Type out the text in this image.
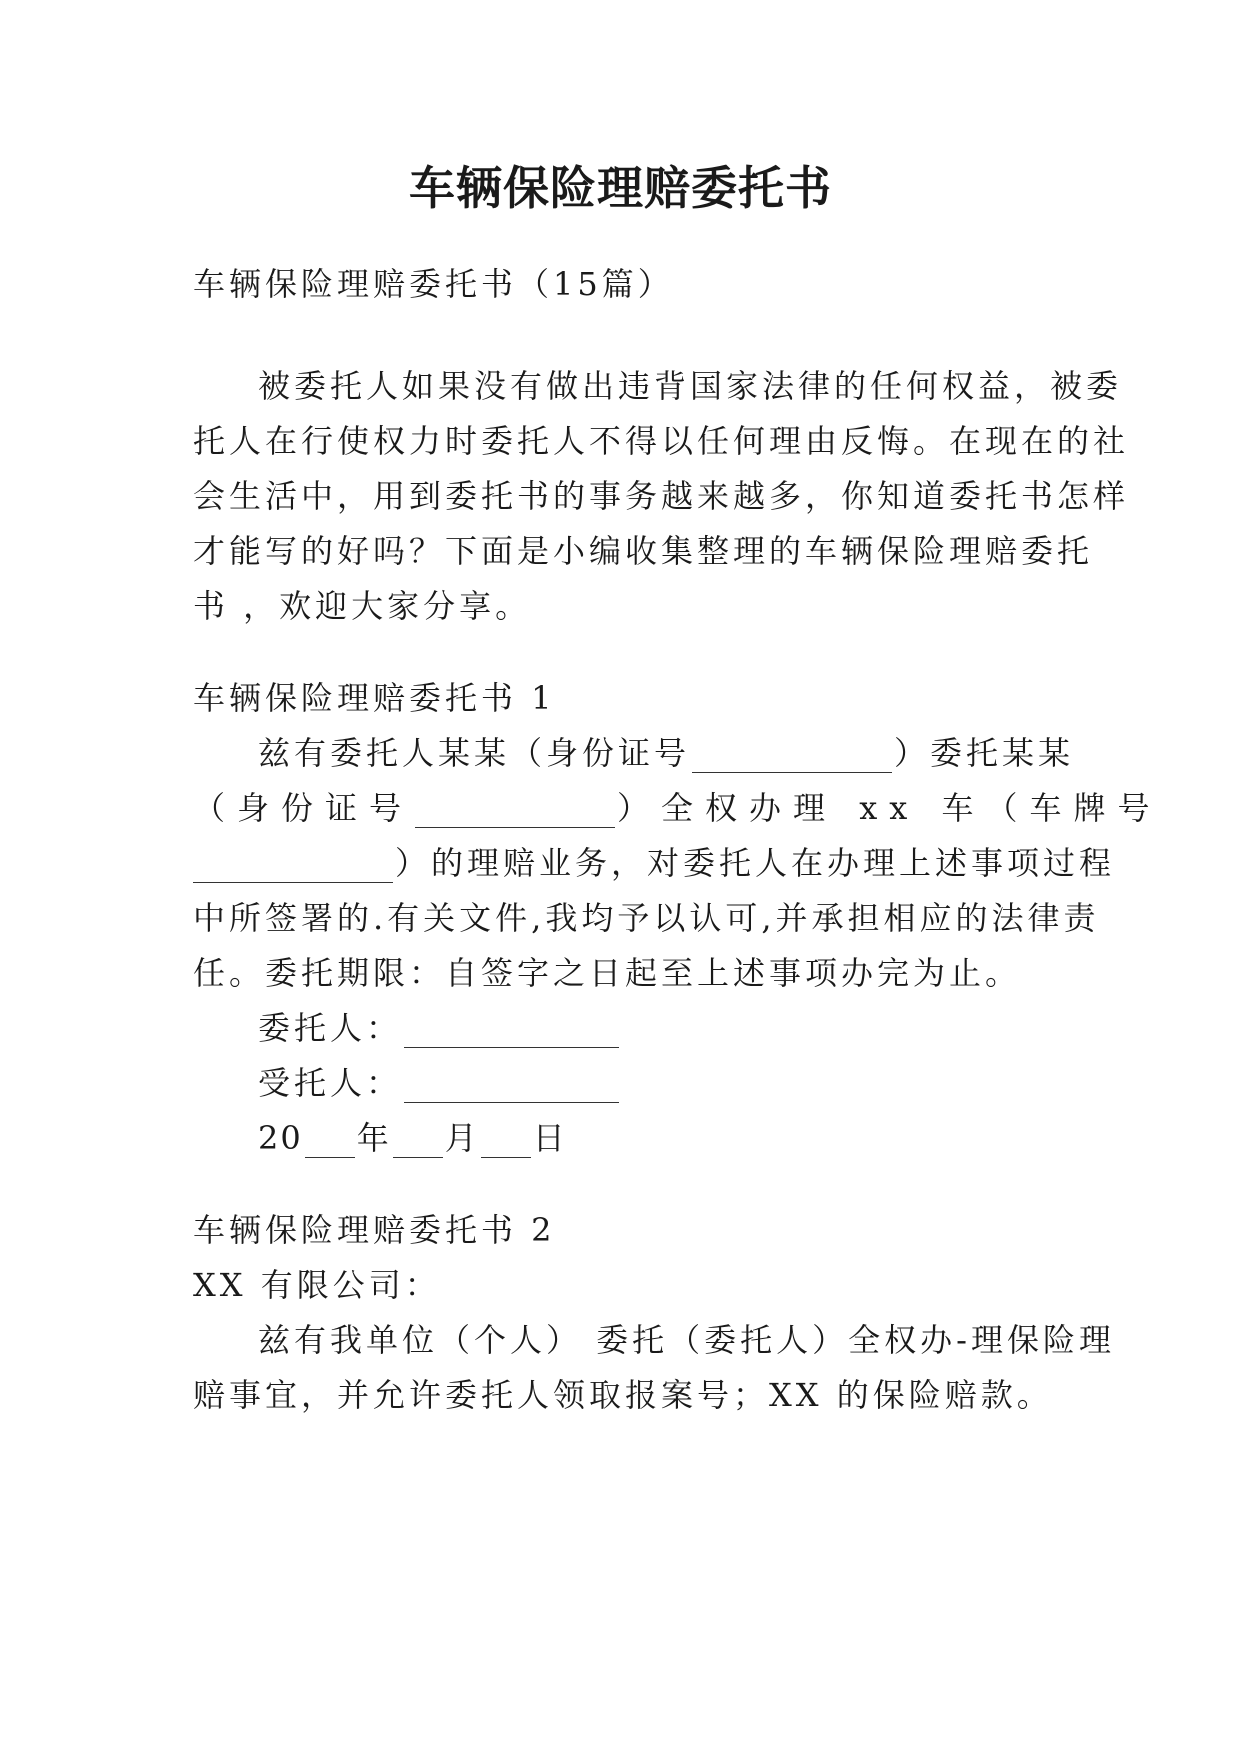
车辆保险理赔委托书
车辆保险理赔委托书（15篇）
被委托人如果没有做出违背国家法律的任何权益，被委
托人在行使权力时委托人不得以任何理由反悔。在现在的社
会生活中，用到委托书的事务越来越多，你知道委托书怎样
才能写的好吗？下面是小编收集整理的车辆保险理赔委托
书 ，欢迎大家分享。
车辆保险理赔委托书 1
兹有委托人某某（身份证号	）委托某某
（身份证号	）全权办理 xx 车（车牌号
）的理赔业务，对委托人在办理上述事项过程
中所签署的.有关文件,我均予以认可,并承担相应的法律责
任。委托期限：自签字之日起至上述事项办完为止。
委托人：
受托人：
20 年 月 日
车辆保险理赔委托书 2
XX 有限公司：
兹有我单位（个人） 委托（委托人）全权办-理保险理
赔事宜，并允许委托人领取报案号；XX 的保险赔款。
